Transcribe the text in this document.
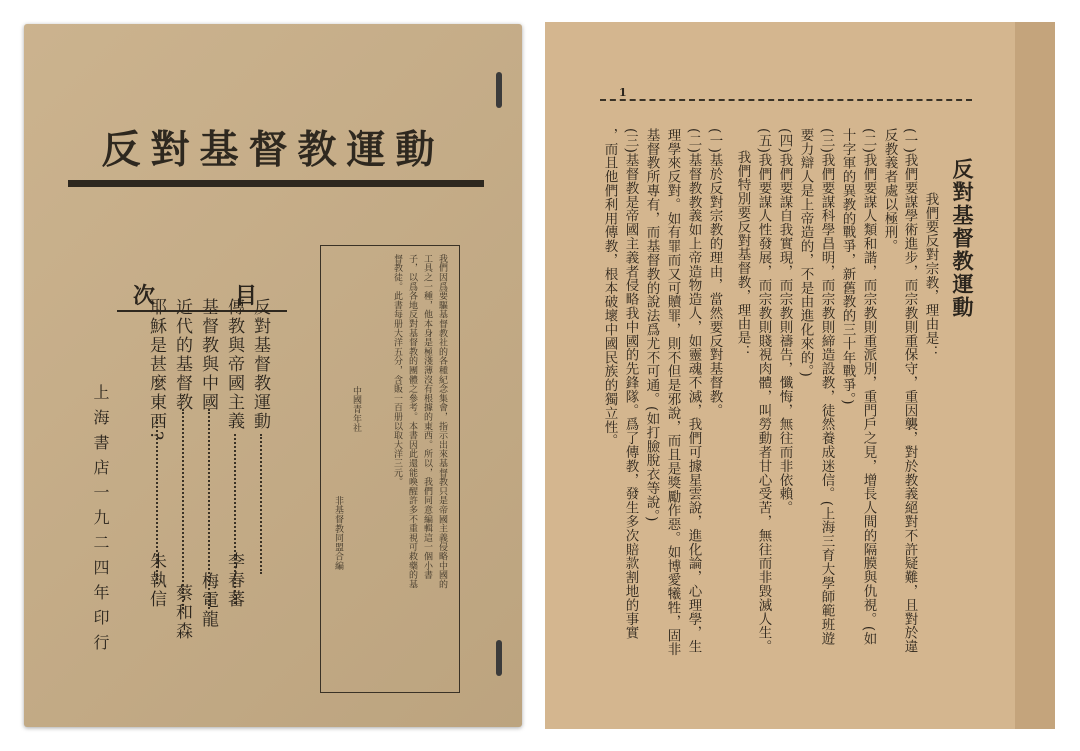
反對基督教運動
目
次
反對基督教運動
傳教與帝國主義
基督教與中國
近代的基督教
耶穌是甚麼東西?
李春蕃
梅電龍
蔡和森
朱執信
上海書店一九二四年印行	我們因爲要驅基督教社的各種紀念集會，指示出來基督教只是帝國主義侵略中國的
工具之一種，他本身是極淺薄沒有根據的東西。所以，我們同意編輯這一個小書
子，以爲各地反對基督教的團體之參考。本書因此還能喚醒許多不重視可救藥的基
督教徒。此書每册大洋五分，含販一百册以取大洋三元。
中國青年社
非基督教同盟合編
1
反對基督教運動
我們要反對宗教，理由是：
(一)我們要謀學術進步，而宗教則重保守，重因襲，對於教義絕對不許疑難，且對於違
反教義者處以極刑。
(二)我們要謀人類和諧，而宗教則重派別，重門戶之見，增長人間的隔膜與仇視。(如
十字軍的異教的戰爭，新舊教的三十年戰爭。)
(三)我們要謀科學昌明，而宗教則締造設教，徒然養成迷信。(上海三育大學師範班遊
要力辯人是上帝造的，不是由進化來的。)
(四)我們要謀自我實現，而宗教則禱告，懺悔，無往而非依賴。
(五)我們要謀人性發展，而宗教則賤視肉體，叫勞動者甘心受苦，無往而非毀滅人生。
我們特別要反對基督教，理由是：
(一)基於反對宗教的理由，當然要反對基督教。
(二)基督教教義如上帝造物造人，如靈魂不滅，我們可據星雲說，進化論，心理學，生
理學來反對。如有罪而又可贖罪，則不但是邪說，而且是獎勵作惡。如博愛犧牲，固非
基督教所專有，而基督教的說法爲尤不可通。(如打臉脫衣等說。)
(三)基督教是帝國主義者侵略我中國的先鋒隊。爲了傳教，發生多次賠款割地的事實
，而且他們利用傳教，根本破壞中國民族的獨立性。
